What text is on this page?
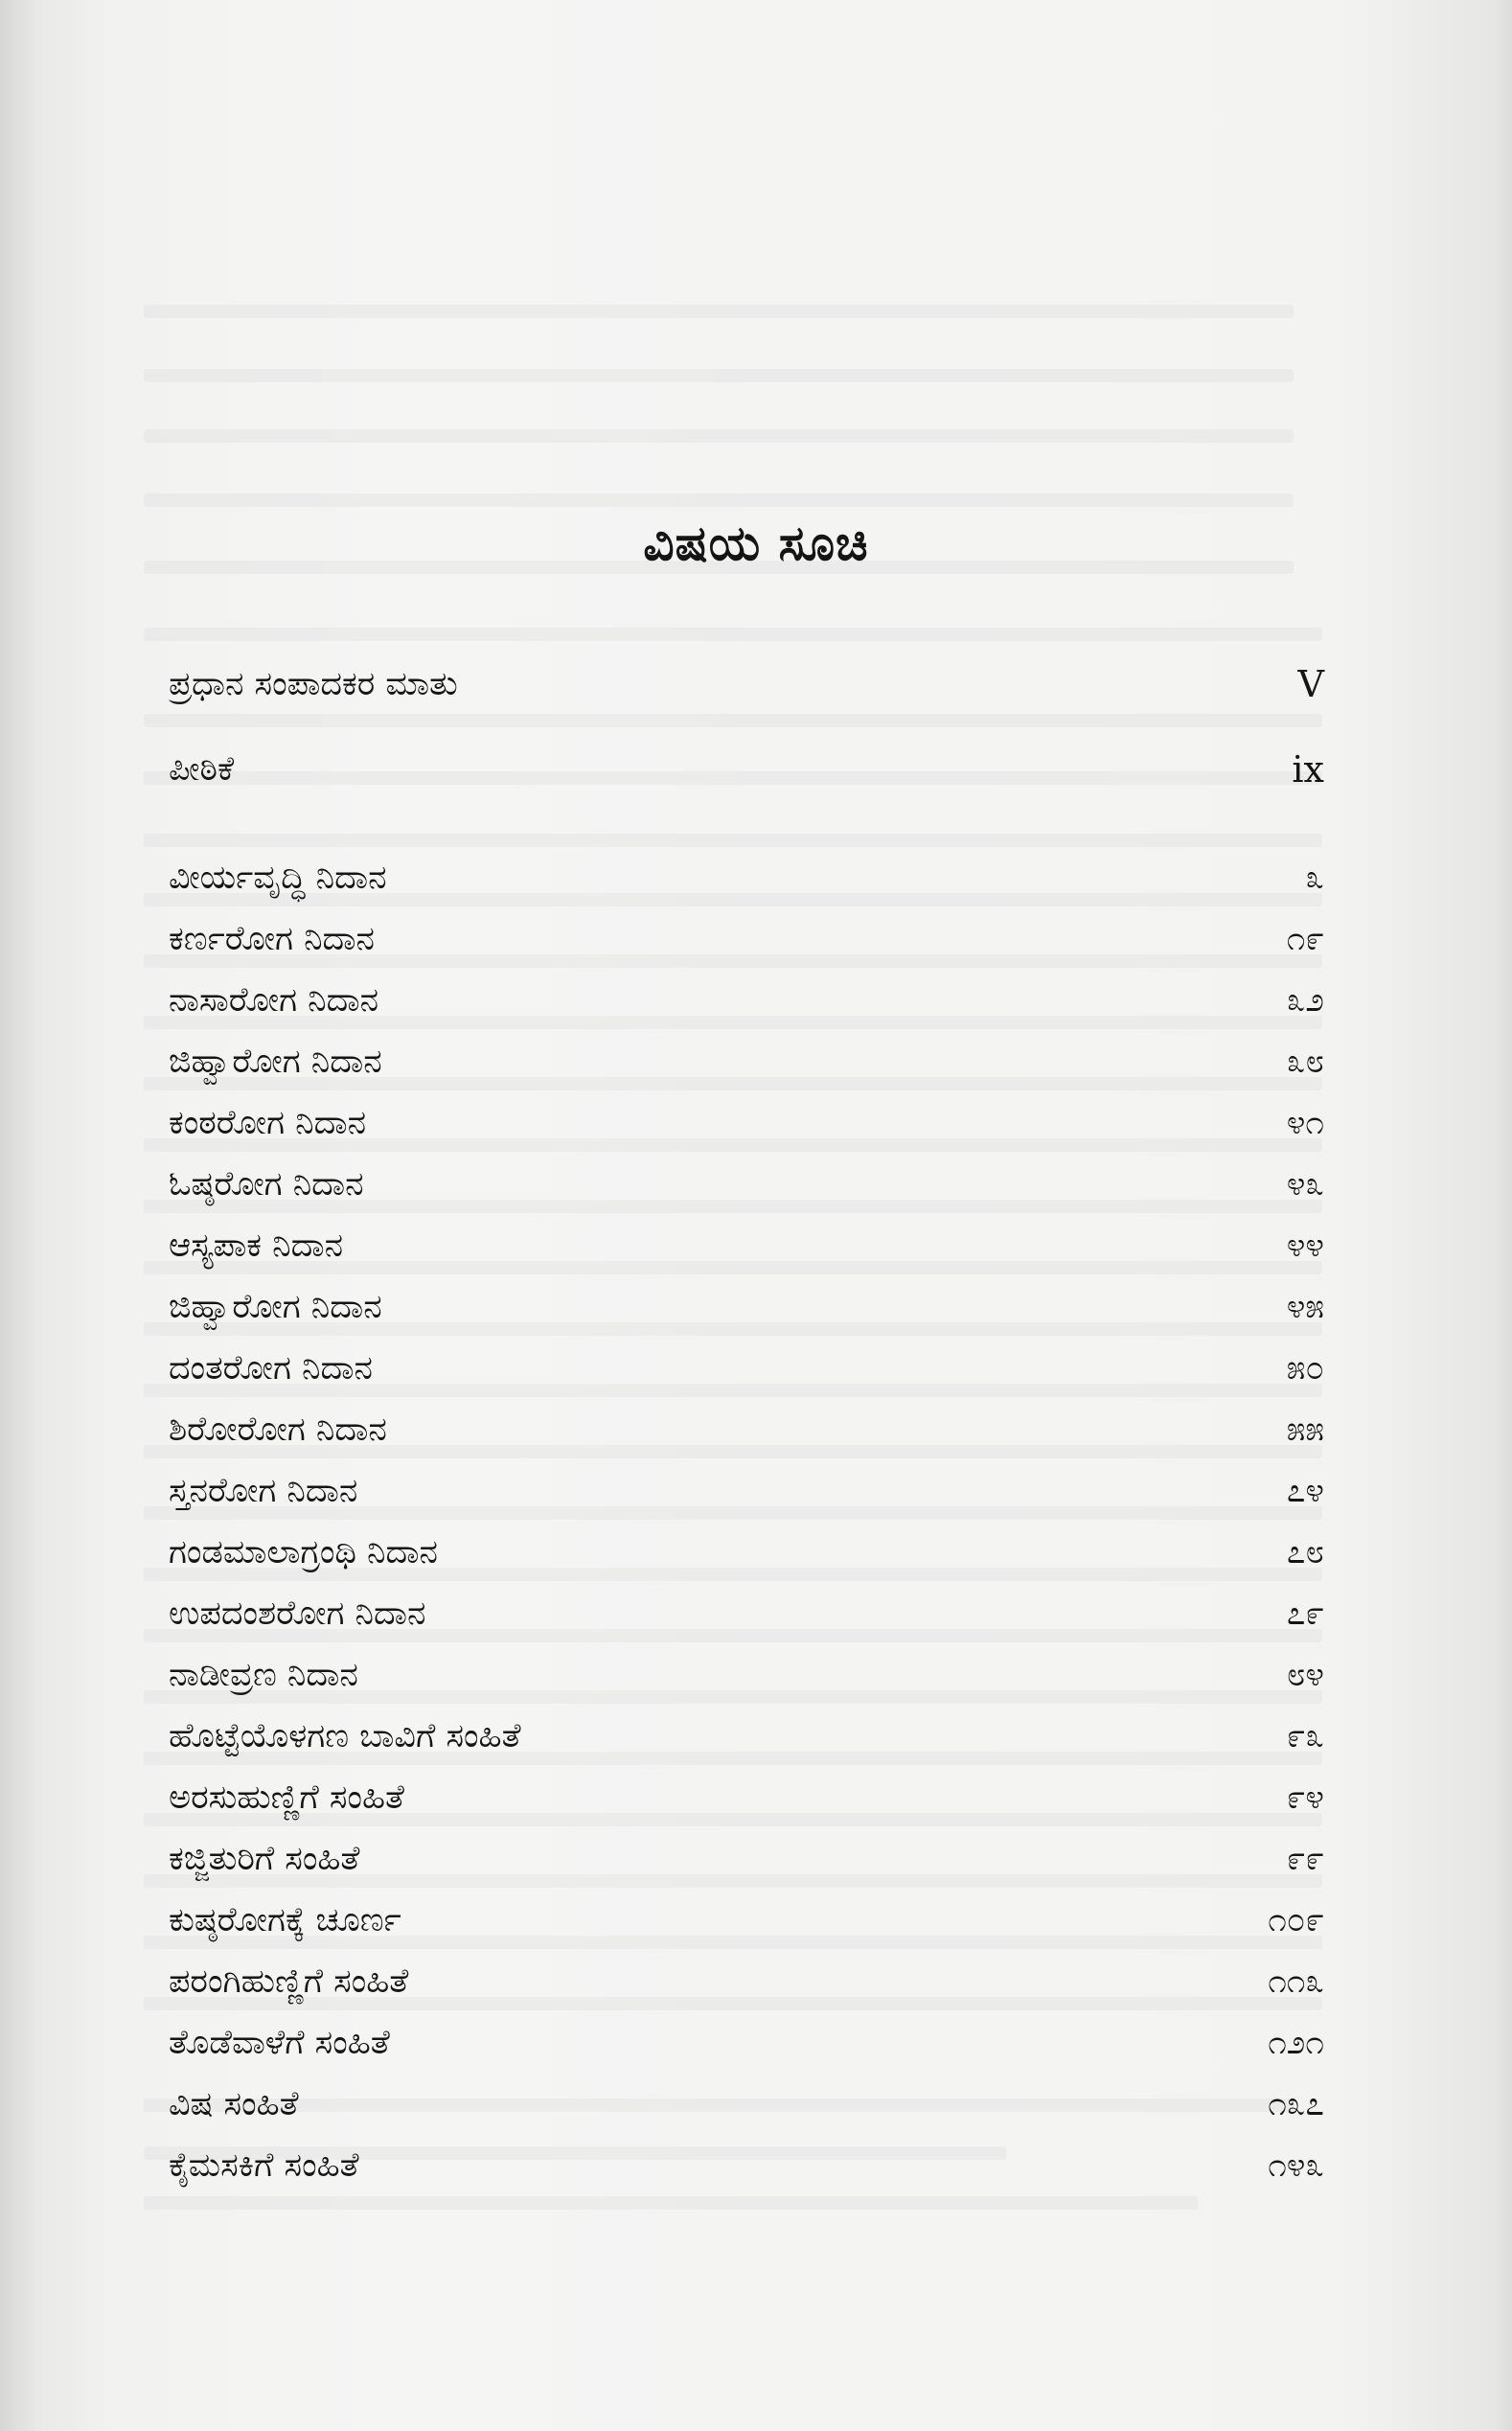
ವಿಷಯ ಸೂಚಿ
ಪ್ರಧಾನ ಸಂಪಾದಕರ ಮಾತು	V
ಪೀಠಿಕೆ	ix
ವೀರ್ಯವೃದ್ಧಿ ನಿದಾನ	೩
ಕರ್ಣರೋಗ ನಿದಾನ	೧೯
ನಾಸಾರೋಗ ನಿದಾನ	೩೨
ಜಿಹ್ವಾರೋಗ ನಿದಾನ	೩೮
ಕಂಠರೋಗ ನಿದಾನ	೪೧
ಓಷ್ಠರೋಗ ನಿದಾನ	೪೩
ಆಸ್ಯಪಾಕ ನಿದಾನ	೪೪
ಜಿಹ್ವಾರೋಗ ನಿದಾನ	೪೫
ದಂತರೋಗ ನಿದಾನ	೫೦
ಶಿರೋರೋಗ ನಿದಾನ	೫೫
ಸ್ತನರೋಗ ನಿದಾನ	೭೪
ಗಂಡಮಾಲಾಗ್ರಂಥಿ ನಿದಾನ	೭೮
ಉಪದಂಶರೋಗ ನಿದಾನ	೭೯
ನಾಡೀವ್ರಣ ನಿದಾನ	೮೪
ಹೊಟ್ಟೆಯೊಳಗಣ ಬಾವಿಗೆ ಸಂಹಿತೆ	೯೩
ಅರಸುಹುಣ್ಣಿಗೆ ಸಂಹಿತೆ	೯೪
ಕಜ್ಜಿತುರಿಗೆ ಸಂಹಿತೆ	೯೯
ಕುಷ್ಠರೋಗಕ್ಕೆ ಚೂರ್ಣ	೧೦೯
ಪರಂಗಿಹುಣ್ಣಿಗೆ ಸಂಹಿತೆ	೧೧೩
ತೊಡೆವಾಳೆಗೆ ಸಂಹಿತೆ	೧೨೧
ವಿಷ ಸಂಹಿತೆ	೧೩೭
ಕೈಮಸಕಿಗೆ ಸಂಹಿತೆ	೧೪೩
